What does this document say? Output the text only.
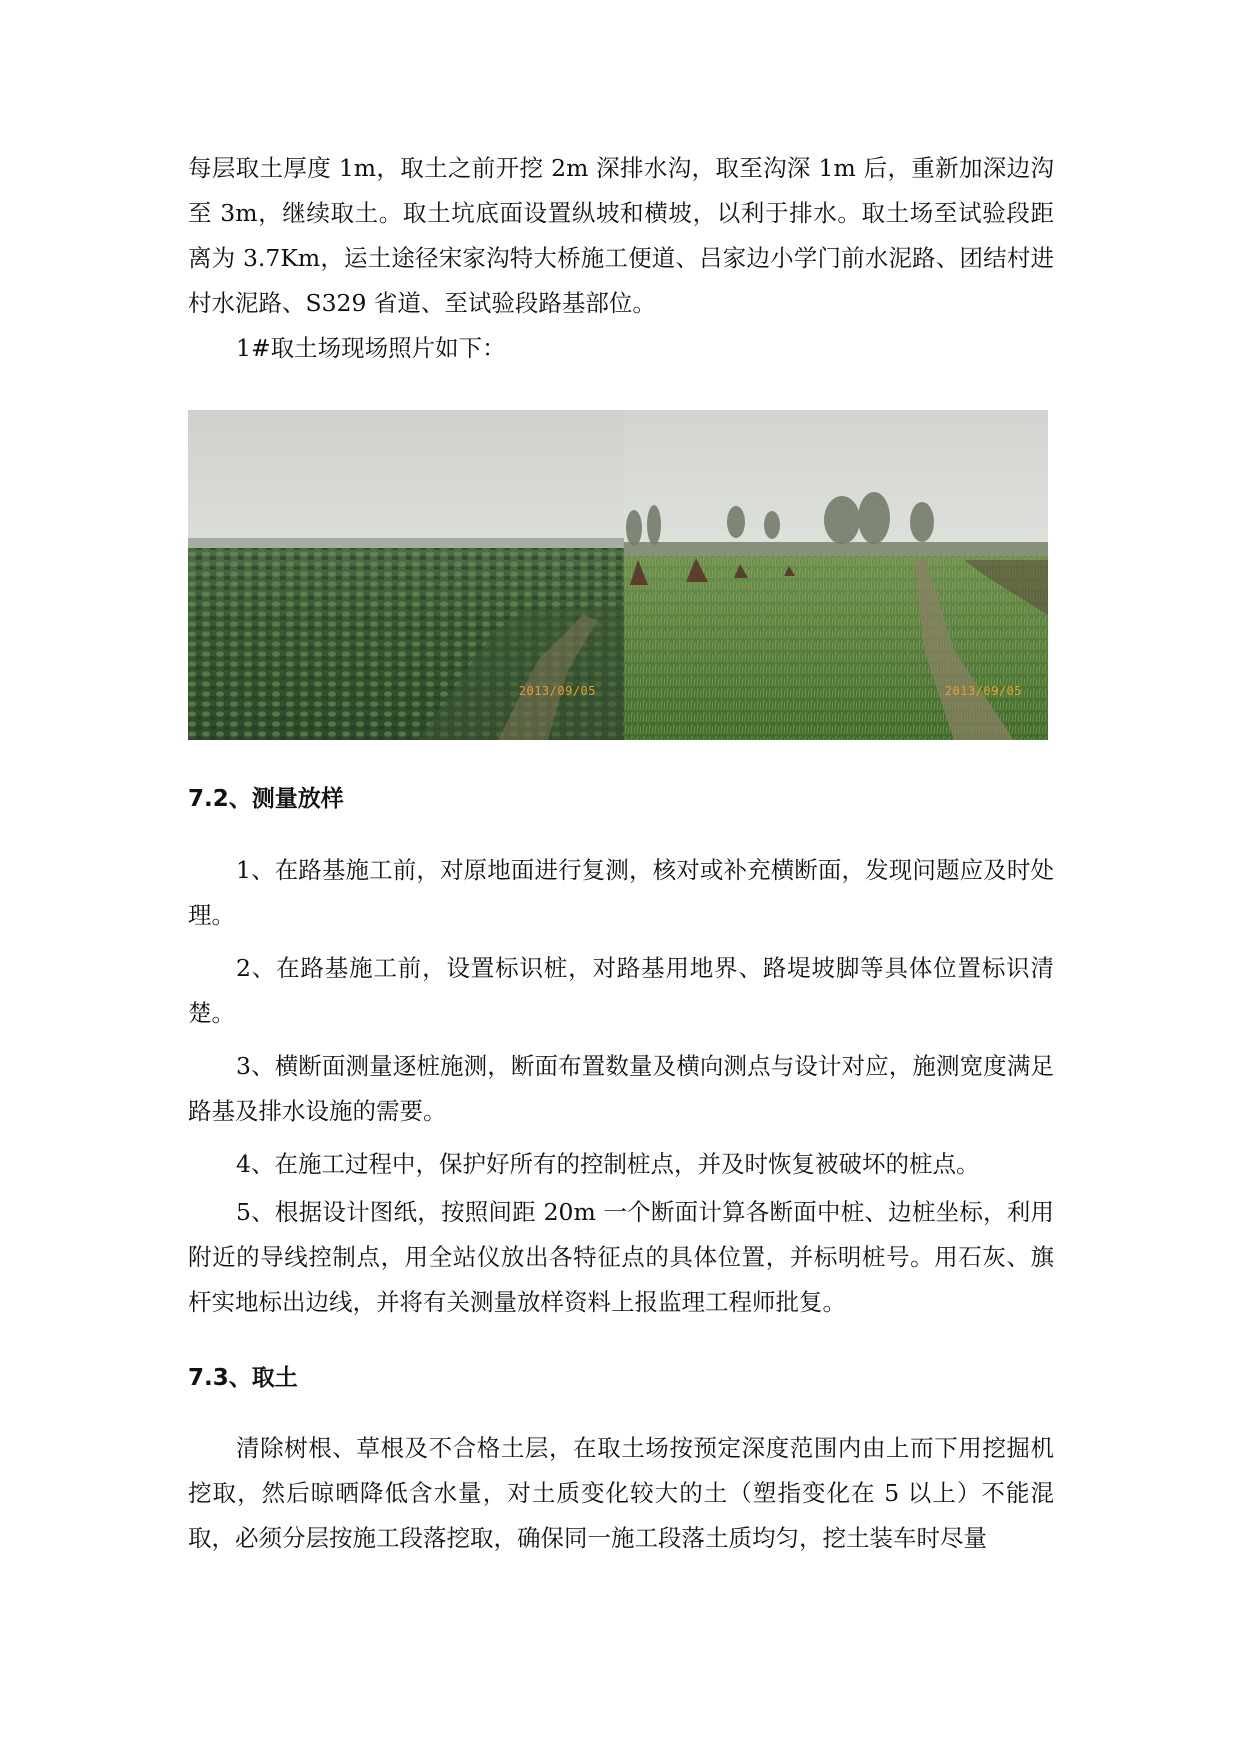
每层取土厚度 1m，取土之前开挖 2m 深排水沟，取至沟深 1m 后，重新加深边沟至 3m，继续取土。取土坑底面设置纵坡和横坡，以利于排水。取土场至试验段距离为 3.7Km，运土途径宋家沟特大桥施工便道、吕家边小学门前水泥路、团结村进村水泥路、S329 省道、至试验段路基部位。

1#取土场现场照片如下：

2013/09/05	2013/09/05
7.2、测量放样

1、在路基施工前，对原地面进行复测，核对或补充横断面，发现问题应及时处理。

2、在路基施工前，设置标识桩，对路基用地界、路堤坡脚等具体位置标识清楚。

3、横断面测量逐桩施测，断面布置数量及横向测点与设计对应，施测宽度满足路基及排水设施的需要。

4、在施工过程中，保护好所有的控制桩点，并及时恢复被破坏的桩点。

5、根据设计图纸，按照间距 20m 一个断面计算各断面中桩、边桩坐标，利用附近的导线控制点，用全站仪放出各特征点的具体位置，并标明桩号。用石灰、旗杆实地标出边线，并将有关测量放样资料上报监理工程师批复。

7.3、取土

清除树根、草根及不合格土层，在取土场按预定深度范围内由上而下用挖掘机挖取，然后晾晒降低含水量，对土质变化较大的土（塑指变化在 5 以上）不能混取，必须分层按施工段落挖取，确保同一施工段落土质均匀，挖土装车时尽量
